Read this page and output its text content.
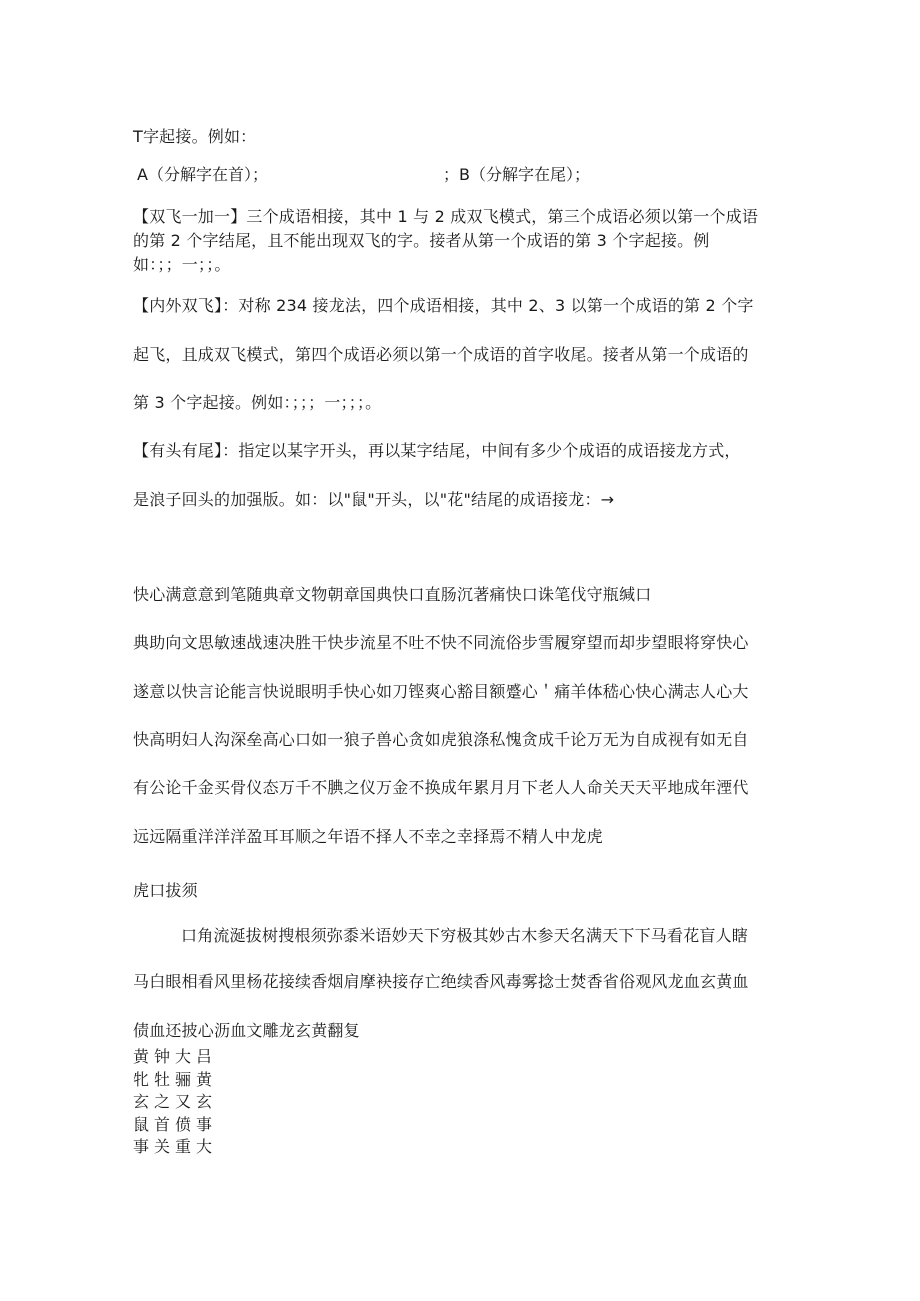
T字起接。例如：
A（分解字在首）；	；B（分解字在尾）；
【双飞一加一】三个成语相接，其中 1 与 2 成双飞模式，第三个成语必须以第一个成语
的第 2 个字结尾，且不能出现双飞的字。接者从第一个成语的第 3 个字起接。例
如：；；一；；。
【内外双飞】：对称 234 接龙法，四个成语相接，其中 2、3 以第一个成语的第 2 个字
起飞，且成双飞模式，第四个成语必须以第一个成语的首字收尾。接者从第一个成语的
第 3 个字起接。例如：；；；一；；；。
【有头有尾】：指定以某字开头，再以某字结尾，中间有多少个成语的成语接龙方式，
是浪子回头的加强版。如：以"鼠"开头，以"花"结尾的成语接龙：→
快心满意意到笔随典章文物朝章国典快口直肠沉著痛快口诛笔伐守瓶缄口
典助向文思敏速战速决胜干快步流星不吐不快不同流俗步雪履穿望而却步望眼将穿快心
遂意以快言论能言快说眼明手快心如刀铿爽心豁目额蹙心＇痛羊体嵇心快心满志人心大
快高明妇人沟深垒高心口如一狼子兽心贪如虎狼涤私愧贪成千论万无为自成视有如无自
有公论千金买骨仪态万千不腆之仪万金不换成年累月月下老人人命关天天平地成年湮代
远远隔重洋洋洋盈耳耳顺之年语不择人不幸之幸择焉不精人中龙虎
虎口拔须
口角流涎拔树搜根须弥黍米语妙天下穷极其妙古木参天名满天下下马看花盲人瞎
马白眼相看风里杨花接续香烟肩摩袂接存亡绝续香风毒雾捻士焚香省俗观风龙血玄黄血
债血还披心沥血文雕龙玄黄翻复
黄钟大吕
牝牡骊黄
玄之又玄
鼠首偾事
事关重大
